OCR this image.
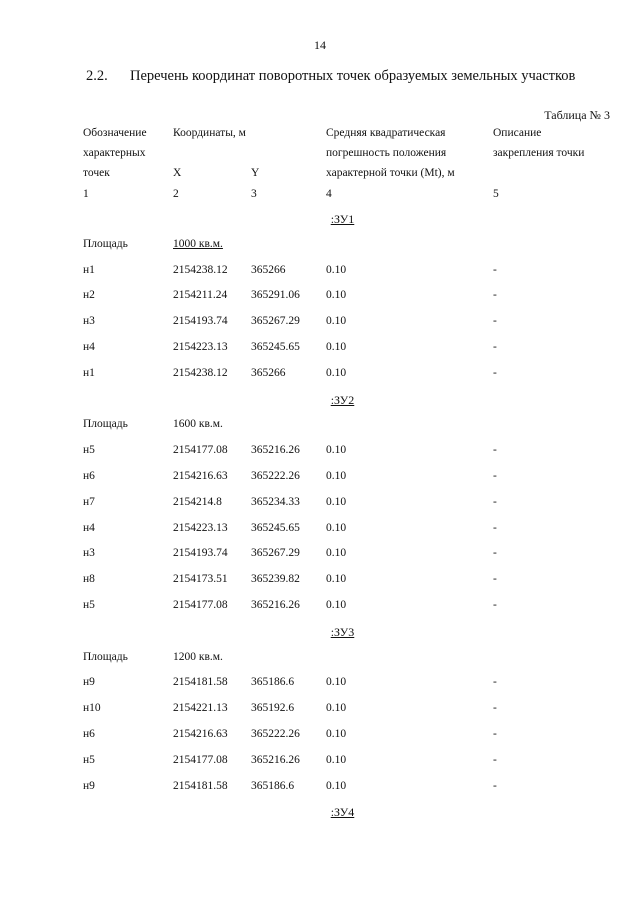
14
2.2. Перечень координат поворотных точек образуемых земельных участков
Таблица № 3
Обозначение
характерных
точек
Координаты, м
X	Y
Средняя квадратическая
погрешность положения
характерной точки (Mt), м
Описание
закрепления точки
1	2	3	4	5
:ЗУ1
Площадь	1000 кв.м.
н1	2154238.12 365266	0.10	-
н2	2154211.24 365291.06 0.10	-
н3	2154193.74 365267.29 0.10	-
н4	2154223.13 365245.65 0.10	-
н1	2154238.12 365266	0.10	-
:ЗУ2
Площадь	1600 кв.м.
н5	2154177.08 365216.26 0.10	-
н6	2154216.63 365222.26 0.10	-
н7	2154214.8	365234.33 0.10	-
н4	2154223.13 365245.65 0.10	-
н3	2154193.74 365267.29 0.10	-
н8	2154173.51 365239.82 0.10	-
н5	2154177.08 365216.26 0.10	-
:ЗУ3
Площадь	1200 кв.м.
н9	2154181.58 365186.6	0.10	-
н10	2154221.13 365192.6	0.10	-
н6	2154216.63 365222.26 0.10	-
н5	2154177.08 365216.26 0.10	-
н9	2154181.58 365186.6	0.10	-
:ЗУ4
